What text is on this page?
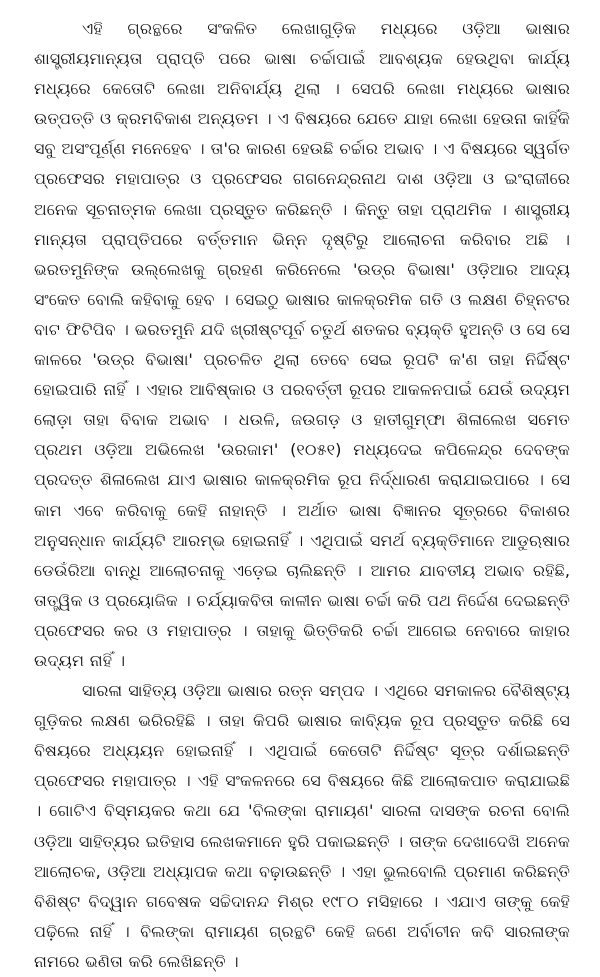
ଏହି ଗ୍ରନ୍ଥରେ ସଂକଳିତ ଲେଖାଗୁଡ଼ିକ ମଧ୍ୟରେ ଓଡ଼ିଆ ଭାଷାର ଶାସ୍ତ୍ରୀୟମାନ୍ୟତା ପ୍ରାପ୍ତି ପରେ ଭାଷା ଚର୍ଚ୍ଚାପାଇଁ ଆବଶ୍ୟକ ହେଉଥିବା କାର୍ଯ୍ୟ ମଧ୍ୟରେ କେତୋଟି ଲେଖା ଅନିବାର୍ଯ୍ୟ ଥିଲା । ସେପରି ଲେଖା ମଧ୍ୟରେ ଭାଷାର ଉତ୍ପତ୍ତି ଓ କ୍ରମବିକାଶ ଅନ୍ୟତମ । ଏ ବିଷୟରେ ଯେତେ ଯାହା ଲେଖା ହେଉନା କାହିଁକି ସବୁ ଅସଂପୂର୍ଣ୍ଣ ମନେହେବ । ତା'ର କାରଣ ହେଉଛି ଚର୍ଚ୍ଚାର ଅଭାବ । ଏ ବିଷୟରେ ସ୍ୱର୍ଗତ ପ୍ରଫେସର ମହାପାତ୍ର ଓ ପ୍ରଫେସର ଗଗନେନ୍ଦ୍ରନାଥ ଦାଶ ଓଡ଼ିଆ ଓ ଇଂରାଜୀରେ ଅନେକ ସୂଚନାତ୍ମକ ଲେଖା ପ୍ରସ୍ତୁତ କରିଛନ୍ତି । କିନ୍ତୁ ତାହା ପ୍ରାଥମିକ । ଶାସ୍ତ୍ରୀୟ ମାନ୍ୟତା ପ୍ରାପ୍ତିପରେ ବର୍ତ୍ତମାନ ଭିନ୍ନ ଦୃଷ୍ଟିରୁ ଆଲୋଚନା କରିବାର ଅଛି । ଭରତମୁନିଙ୍କ ଉଲ୍ଲେଖକୁ ଗ୍ରହଣ କରିନେଲେ 'ଉଡ୍ର ବିଭାଷା' ଓଡ଼ିଆର ଆଦ୍ୟ ସଂକେତ ବୋଲି କହିବାକୁ ହେବ । ସେଇଠୁ ଭାଷାର କାଳକ୍ରମିକ ଗତି ଓ ଲକ୍ଷଣ ଚିହ୍ନଟର ବାଟ ଫିଟିପିବ । ଭରତମୁନି ଯଦି ଖ୍ରୀଷ୍ଟପୂର୍ବ ଚତୁର୍ଥ ଶତକର ବ୍ୟକ୍ତି ହୁଅନ୍ତି ଓ ସେ ସେ କାଳରେ 'ଉଡ୍ର ବିଭାଷା' ପ୍ରଚଳିତ ଥିଲା ତେବେ ସେଇ ରୂପଟି କ'ଣ ତାହା ନିର୍ଦ୍ଦିଷ୍ଟ ହୋଇପାରି ନାହିଁ । ଏହାର ଆବିଷ୍କାର ଓ ପରବର୍ତ୍ତୀ ରୂପର ଆକଳନପାଇଁ ଯେଉଁ ଉଦ୍ୟମ ଲୋଡ଼ା ତାହା ବିବାକ ଅଭାବ । ଧଉଳି, ଜଉଗଡ଼ ଓ ହାତୀଗୁମ୍ଫା ଶିଳାଲେଖ ସମେତ ପ୍ରଥମ ଓଡ଼ିଆ ଅଭିଲେଖ 'ଉରଜାମ' (୧୦୫୧) ମଧ୍ୟଦେଇ କପିଳେନ୍ଦ୍ର ଦେବଙ୍କ ପ୍ରଦତ୍ତ ଶିଳାଲେଖ ଯାଏ ଭାଷାର କାଳକ୍ରମିକ ରୂପ ନିର୍ଦ୍ଧାରଣ କରାଯାଇପାରେ । ସେ କାମ ଏବେ କରିବାକୁ କେହି ନାହାନ୍ତି । ଅର୍ଥାତ ଭାଷା ବିଜ୍ଞାନର ସୂତ୍ରରେ ବିକାଶର ଅନୁସନ୍ଧାନ କାର୍ଯ୍ୟଟି ଆରମ୍ଭ ହୋଇନାହିଁ । ଏଥିପାଇଁ ସମର୍ଥ ବ୍ୟକ୍ତିମାନେ ଆଡୁଋଷାର ଡେଉଁରିଆ ବାନ୍ଧି ଆଲୋଚନାକୁ ଏଡ଼େଇ ଚାଲିଛନ୍ତି । ଆମର ଯାବତୀୟ ଅଭାବ ରହିଛି, ତାତ୍ତ୍ୱିକ ଓ ପ୍ରୟୋଜିକ । ଚର୍ଯ୍ୟାକବିତା କାଳୀନ ଭାଷା ଚର୍ଚ୍ଚା କରି ପଥ ନିର୍ଦ୍ଦେଶ ଦେଇଛନ୍ତି ପ୍ରଫେସର କର ଓ ମହାପାତ୍ର । ତାହାକୁ ଭିତ୍ତିକରି ଚର୍ଚ୍ଚା ଆଗେଇ ନେବାରେ କାହାର ଉଦ୍ୟମ ନାହିଁ ।

ସାରଳା ସାହିତ୍ୟ ଓଡ଼ିଆ ଭାଷାର ରତ୍ନ ସମ୍ପଦ । ଏଥିରେ ସମକାଳର ବୈଶିଷ୍ଟ୍ୟ ଗୁଡ଼ିକର ଲକ୍ଷଣ ଭରିରହିଛି । ତାହା କିପରି ଭାଷାର କାବ୍ୟିକ ରୂପ ପ୍ରସ୍ତୁତ କରିଛି ସେ ବିଷୟରେ ଅଧ୍ୟୟନ ହୋଇନାହିଁ । ଏଥିପାଇଁ କେତୋଟି ନିର୍ଦ୍ଦିଷ୍ଟ ସୂତ୍ର ଦର୍ଶାଇଛନ୍ତି ପ୍ରଫେସର ମହାପାତ୍ର । ଏହି ସଂକଳନରେ ସେ ବିଷୟରେ କିଛି ଆଲୋକପାତ କରାଯାଇଛି । ଗୋଟିଏ ବିସ୍ମୟକର କଥା ଯେ 'ବିଲଙ୍କା ରାମାୟଣ' ସାରଳା ଦାସଙ୍କ ରଚନା ବୋଲି ଓଡ଼ିଆ ସାହିତ୍ୟର ଇତିହାସ ଲେଖକମାନେ ହୁରି ପକାଇଛନ୍ତି । ତାଙ୍କ ଦେଖାଦେଖି ଅନେକ ଆଲୋଚକ, ଓଡ଼ିଆ ଅଧ୍ୟାପକ କଥା ବଢ଼ାଉଛନ୍ତି । ଏହା ଭୁଲବୋଲି ପ୍ରମାଣ କରିଛନ୍ତି ବିଶିଷ୍ଟ ବିଦ୍ୱାନ ଗବେଷକ ସଚ୍ଚିଦାନନ୍ଦ ମିଶ୍ର ୧୯୮୦ ମସିହାରେ । ଏଯାଏ ତାଙ୍କୁ କେହି ପଢ଼ିଲେ ନାହିଁ । ବିଲଙ୍କା ରାମାୟଣ ଗ୍ରନ୍ଥଟି କେହି ଜଣେ ଅର୍ବାଚୀନ କବି ସାରଳାଙ୍କ ନାମରେ ଭଣିତା କରି ଲେଖିଛନ୍ତି ।
